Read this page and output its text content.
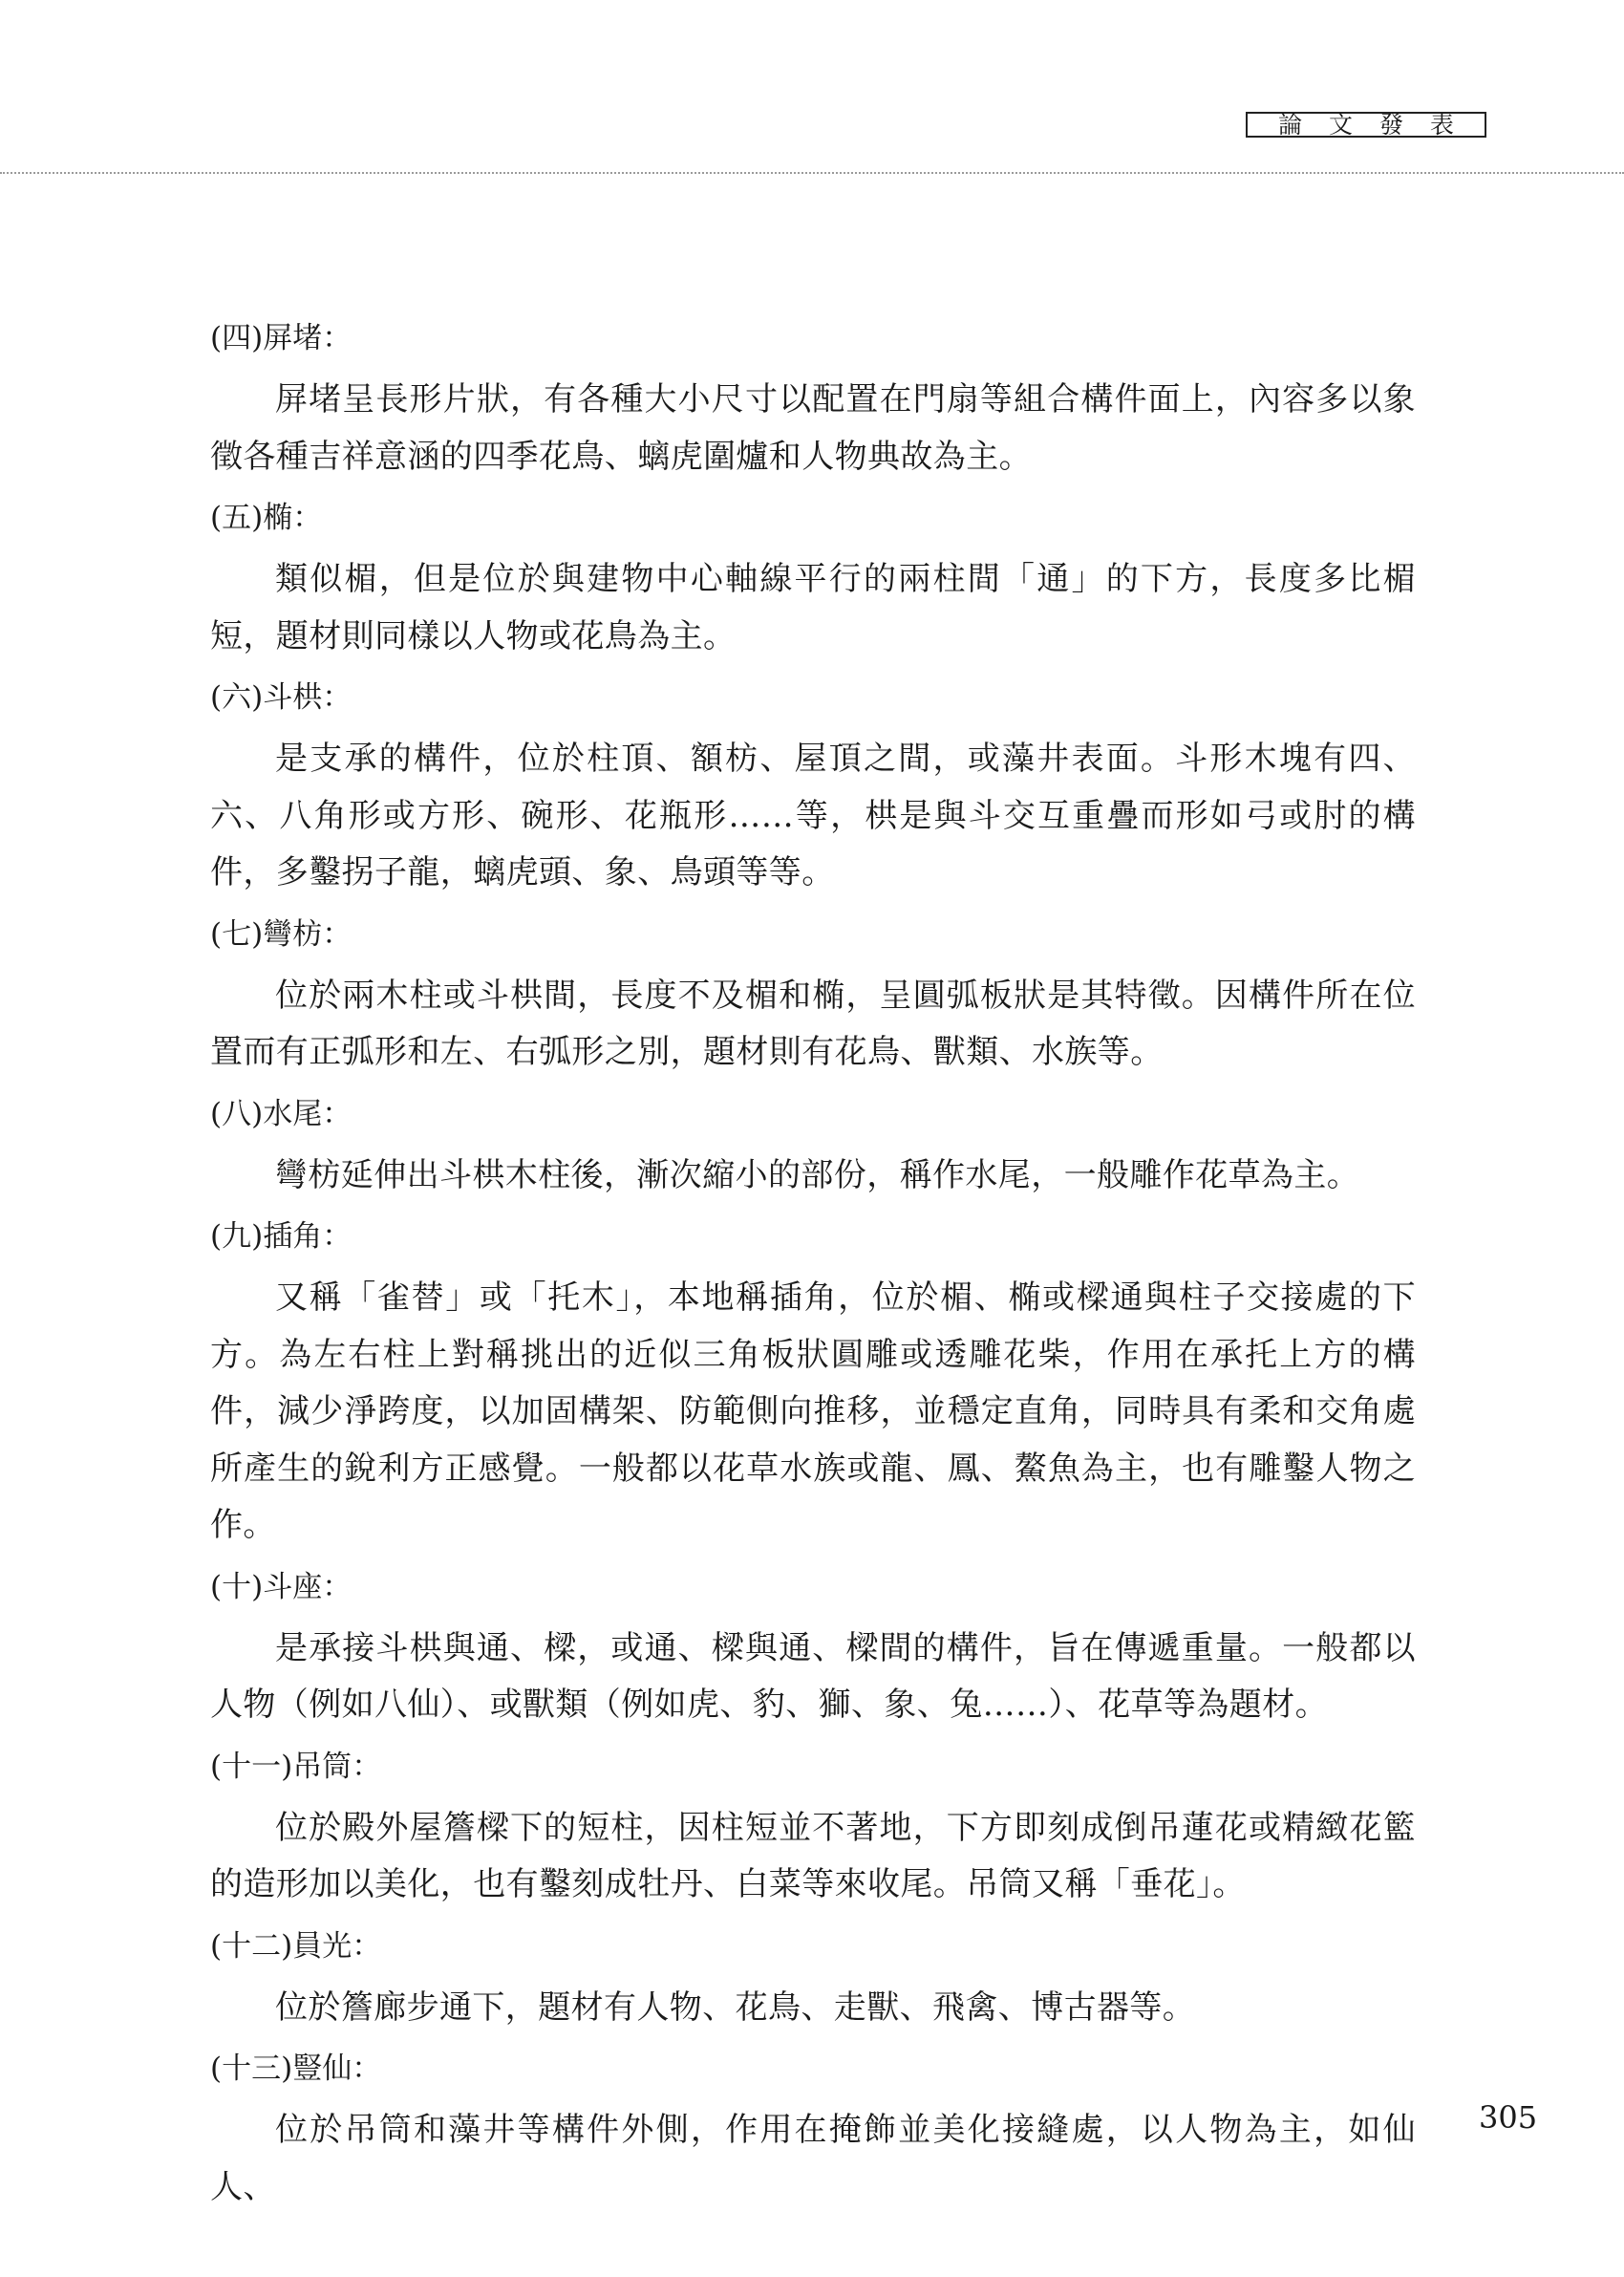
論 文 發 表
(四)屏堵：

屏堵呈長形片狀，有各種大小尺寸以配置在門扇等組合構件面上，內容多以象徵各種吉祥意涵的四季花鳥、螭虎圍爐和人物典故為主。

(五)椭：

類似楣，但是位於與建物中心軸線平行的兩柱間「通」的下方，長度多比楣短，題材則同樣以人物或花鳥為主。

(六)斗栱：

是支承的構件，位於柱頂、額枋、屋頂之間，或藻井表面。斗形木塊有四、六、八角形或方形、碗形、花瓶形……等，栱是與斗交互重疊而形如弓或肘的構件，多鑿拐子龍，螭虎頭、象、鳥頭等等。

(七)彎枋：

位於兩木柱或斗栱間，長度不及楣和椭，呈圓弧板狀是其特徵。因構件所在位置而有正弧形和左、右弧形之別，題材則有花鳥、獸類、水族等。

(八)水尾：

彎枋延伸出斗栱木柱後，漸次縮小的部份，稱作水尾，一般雕作花草為主。

(九)插角：

又稱「雀替」或「托木」，本地稱插角，位於楣、椭或樑通與柱子交接處的下方。為左右柱上對稱挑出的近似三角板狀圓雕或透雕花柴，作用在承托上方的構件，減少淨跨度，以加固構架、防範側向推移，並穩定直角，同時具有柔和交角處所產生的銳利方正感覺。一般都以花草水族或龍、鳳、鰲魚為主，也有雕鑿人物之作。

(十)斗座：

是承接斗栱與通、樑，或通、樑與通、樑間的構件，旨在傳遞重量。一般都以人物（例如八仙）、或獸類（例如虎、豹、獅、象、兔……）、花草等為題材。

(十一)吊筒：

位於殿外屋簷樑下的短柱，因柱短並不著地，下方即刻成倒吊蓮花或精緻花籃的造形加以美化，也有鑿刻成牡丹、白菜等來收尾。吊筒又稱「垂花」。

(十二)員光：

位於簷廊步通下，題材有人物、花鳥、走獸、飛禽、博古器等。

(十三)豎仙：

位於吊筒和藻井等構件外側，作用在掩飾並美化接縫處，以人物為主，如仙人、

305
